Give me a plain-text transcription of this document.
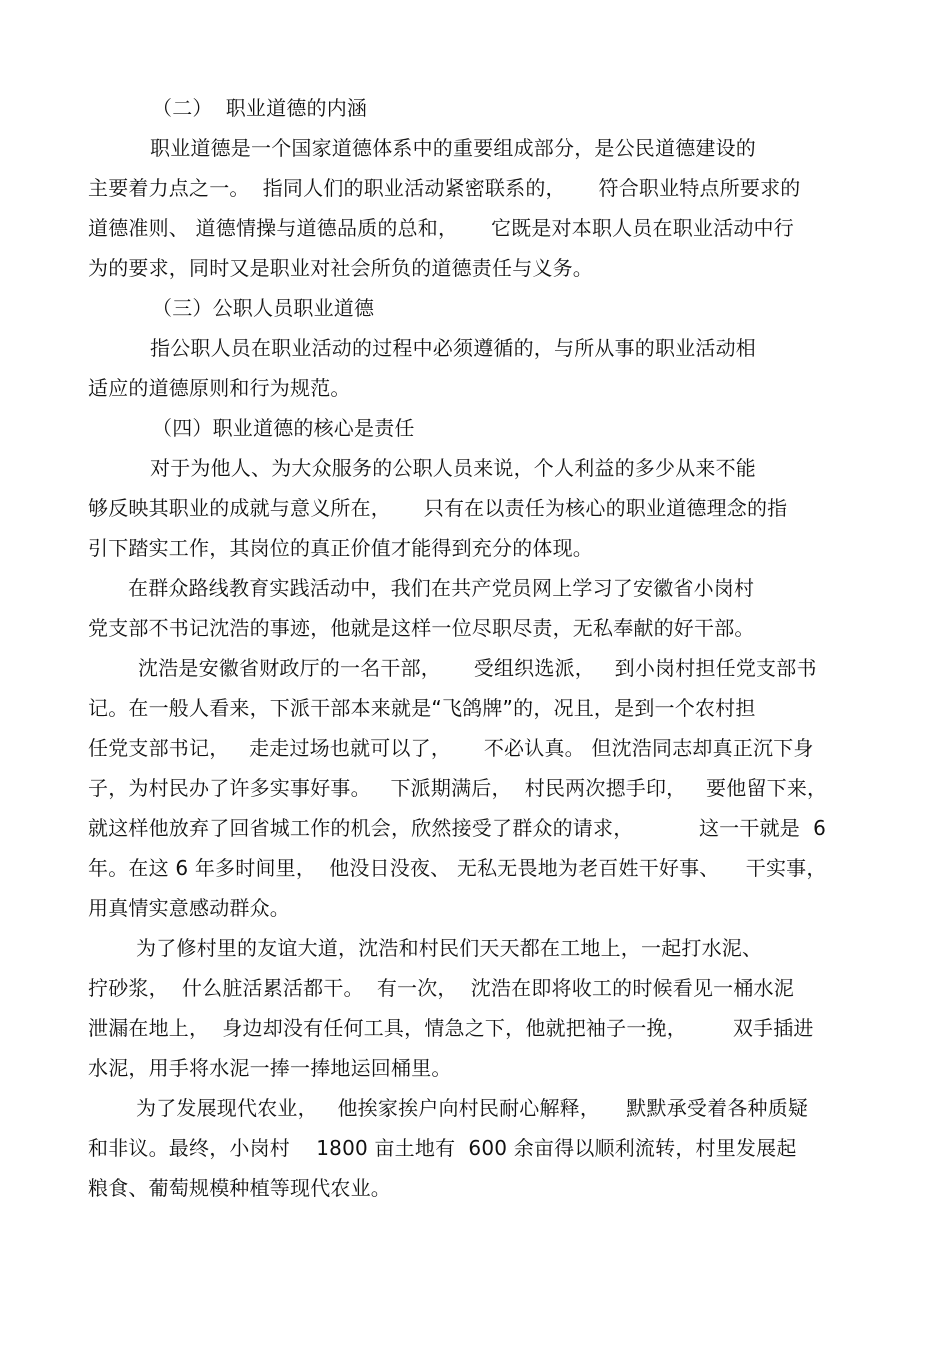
（二）  职业道德的内涵
职业道德是一个国家道德体系中的重要组成部分，是公民道德建设的
主要着力点之一。  指同人们的职业活动紧密联系的，     符合职业特点所要求的
道德准则、 道德情操与道德品质的总和，     它既是对本职人员在职业活动中行
为的要求，同时又是职业对社会所负的道德责任与义务。
（三）公职人员职业道德
指公职人员在职业活动的过程中必须遵循的，与所从事的职业活动相
适应的道德原则和行为规范。
（四）职业道德的核心是责任
对于为他人、为大众服务的公职人员来说，个人利益的多少从来不能
够反映其职业的成就与意义所在，     只有在以责任为核心的职业道德理念的指
引下踏实工作，其岗位的真正价值才能得到充分的体现。
在群众路线教育实践活动中，我们在共产党员网上学习了安徽省小岗村
党支部不书记沈浩的事迹，他就是这样一位尽职尽责，无私奉献的好干部。
沈浩是安徽省财政厅的一名干部，     受组织选派，   到小岗村担任党支部书
记。在一般人看来，下派干部本来就是“飞鸽牌”的，况且，是到一个农村担
任党支部书记，   走走过场也就可以了，     不必认真。 但沈浩同志却真正沉下身
子，为村民办了许多实事好事。   下派期满后，  村民两次摁手印，   要他留下来，
就这样他放弃了回省城工作的机会，欣然接受了群众的请求，          这一干就是  6
年。在这 6 年多时间里，  他没日没夜、 无私无畏地为老百姓干好事、    干实事，
用真情实意感动群众。
为了修村里的友谊大道，沈浩和村民们天天都在工地上，一起打水泥、
拧砂浆，  什么脏活累活都干。  有一次，  沈浩在即将收工的时候看见一桶水泥
泄漏在地上，  身边却没有任何工具，情急之下，他就把袖子一挽，       双手插进
水泥，用手将水泥一捧一捧地运回桶里。
为了发展现代农业，   他挨家挨户向村民耐心解释，    默默承受着各种质疑
和非议。最终，小岗村    1800 亩土地有  600 余亩得以顺利流转，村里发展起
粮食、葡萄规模种植等现代农业。
